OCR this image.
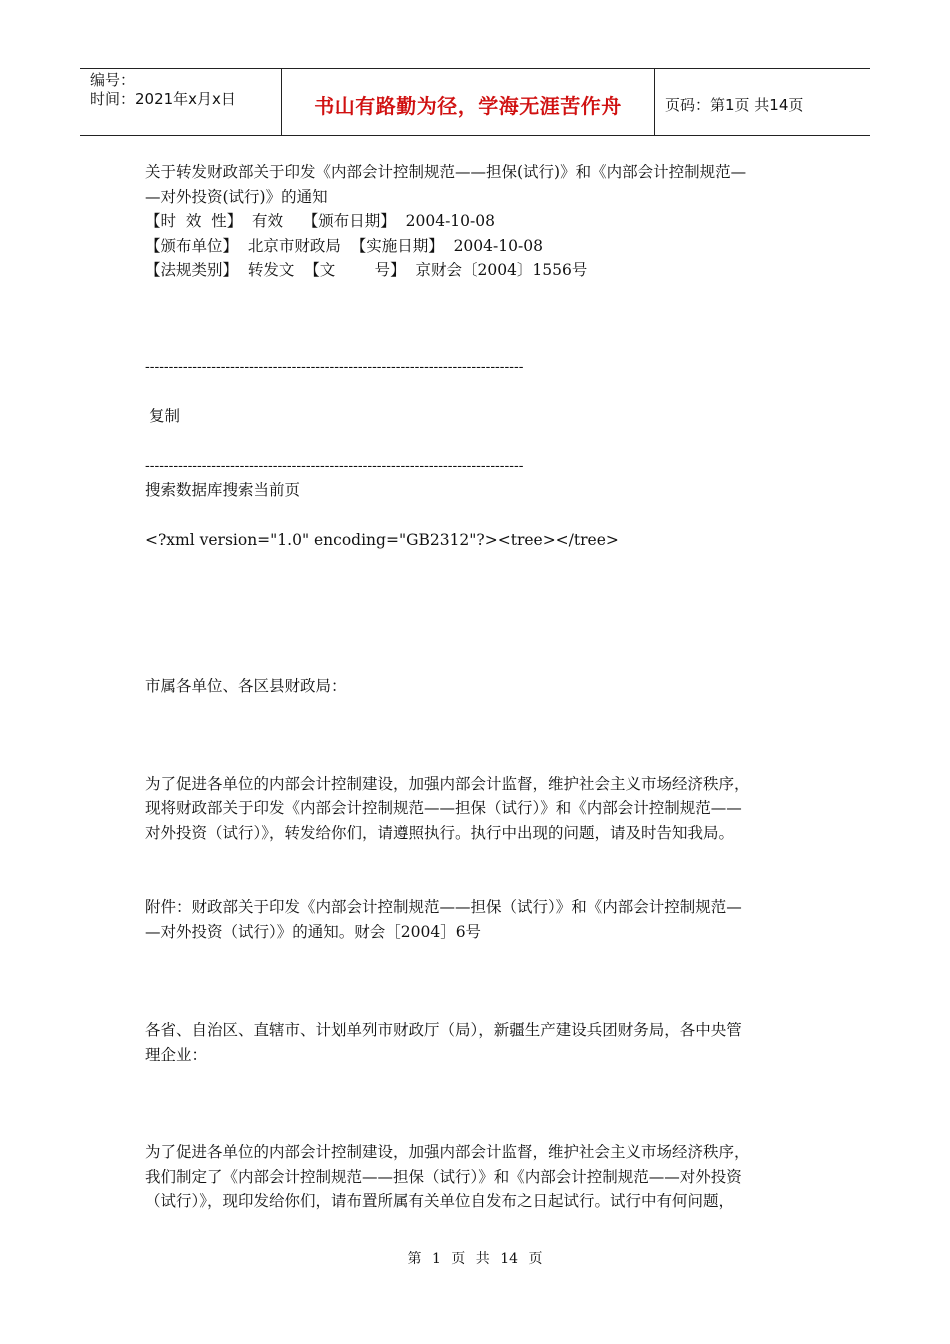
编号：
时间：2021年x月x日	书山有路勤为径，学海无涯苦作舟	页码：第1页 共14页

关于转发财政部关于印发《内部会计控制规范——担保(试行)》和《内部会计控制规范—

—对外投资(试行)》的通知

【时  效  性】  有效    【颁布日期】  2004-10-08

【颁布单位】  北京市财政局  【实施日期】  2004-10-08

【法规类别】  转发文  【文        号】  京财会〔2004〕1556号

--------------------------------------------------------------------------------

复制

--------------------------------------------------------------------------------

搜索数据库搜索当前页

<?xml version="1.0" encoding="GB2312"?><tree></tree>

市属各单位、各区县财政局：

为了促进各单位的内部会计控制建设，加强内部会计监督，维护社会主义市场经济秩序，

现将财政部关于印发《内部会计控制规范——担保（试行）》和《内部会计控制规范——

对外投资（试行）》，转发给你们，请遵照执行。执行中出现的问题，请及时告知我局。

附件：财政部关于印发《内部会计控制规范——担保（试行）》和《内部会计控制规范—

—对外投资（试行）》的通知。财会［2004］6号

各省、自治区、直辖市、计划单列市财政厅（局），新疆生产建设兵团财务局，各中央管

理企业：

为了促进各单位的内部会计控制建设，加强内部会计监督，维护社会主义市场经济秩序，

我们制定了《内部会计控制规范——担保（试行）》和《内部会计控制规范——对外投资

（试行）》，现印发给你们，请布置所属有关单位自发布之日起试行。试行中有何问题，

第 1 页 共 14 页
